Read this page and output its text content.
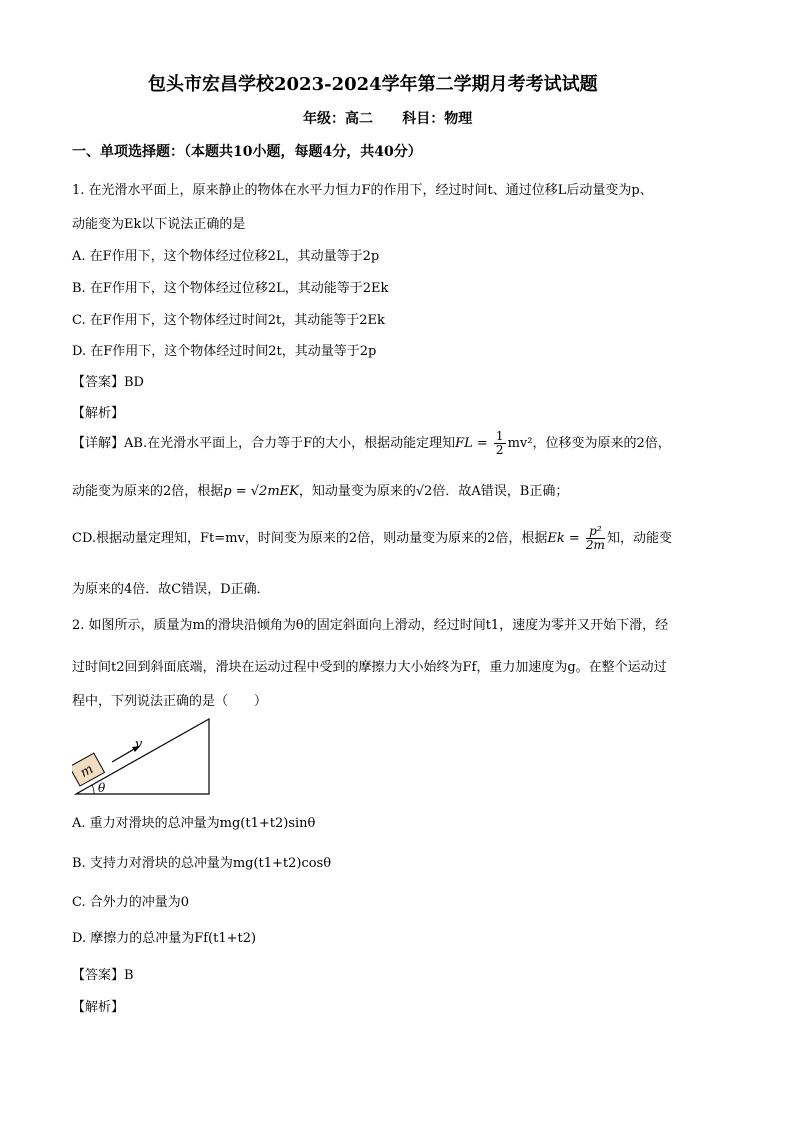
包头市宏昌学校2023-2024学年第二学期月考考试试题
年级：高二      科目：物理
一、单项选择题：（本题共10小题，每题4分，共40分）
1. 在光滑水平面上，原来静止的物体在水平力恒力F的作用下，经过时间t、通过位移L后动量变为p、
动能变为Ek以下说法正确的是
A. 在F作用下，这个物体经过位移2L，其动量等于2p
B. 在F作用下，这个物体经过位移2L，其动能等于2Ek
C. 在F作用下，这个物体经过时间2t，其动能等于2Ek
D. 在F作用下，这个物体经过时间2t，其动量等于2p
【答案】BD
【解析】
【详解】AB.在光滑水平面上，合力等于F的大小，根据动能定理知FL = $\frac{1}{2} mv^2$，位移变为原来的2倍，
动能变为原来的2倍，根据p = √2mEK，知动量变为原来的√2倍．故A错误，B正确；
CD.根据动量定理知，Ft=mv，时间变为原来的2倍，则动量变为原来的2倍，根据$Ek = \frac{\text{p²}}{2m}$ 知，动能变
为原来的4倍．故C错误，D正确．
2. 如图所示，质量为m的滑块沿倾角为θ的固定斜面向上滑动，经过时间t1，速度为零并又开始下滑，经
过时间t2回到斜面底端，滑块在运动过程中受到的摩擦力大小始终为Ff，重力加速度为g。在整个运动过
程中，下列说法正确的是（　　）
m
v
θ
A. 重力对滑块的总冲量为mg(t1+t2)sinθ
B. 支持力对滑块的总冲量为mg(t1+t2)cosθ
C. 合外力的冲量为0
D. 摩擦力的总冲量为Ff(t1+t2)
【答案】B
【解析】
